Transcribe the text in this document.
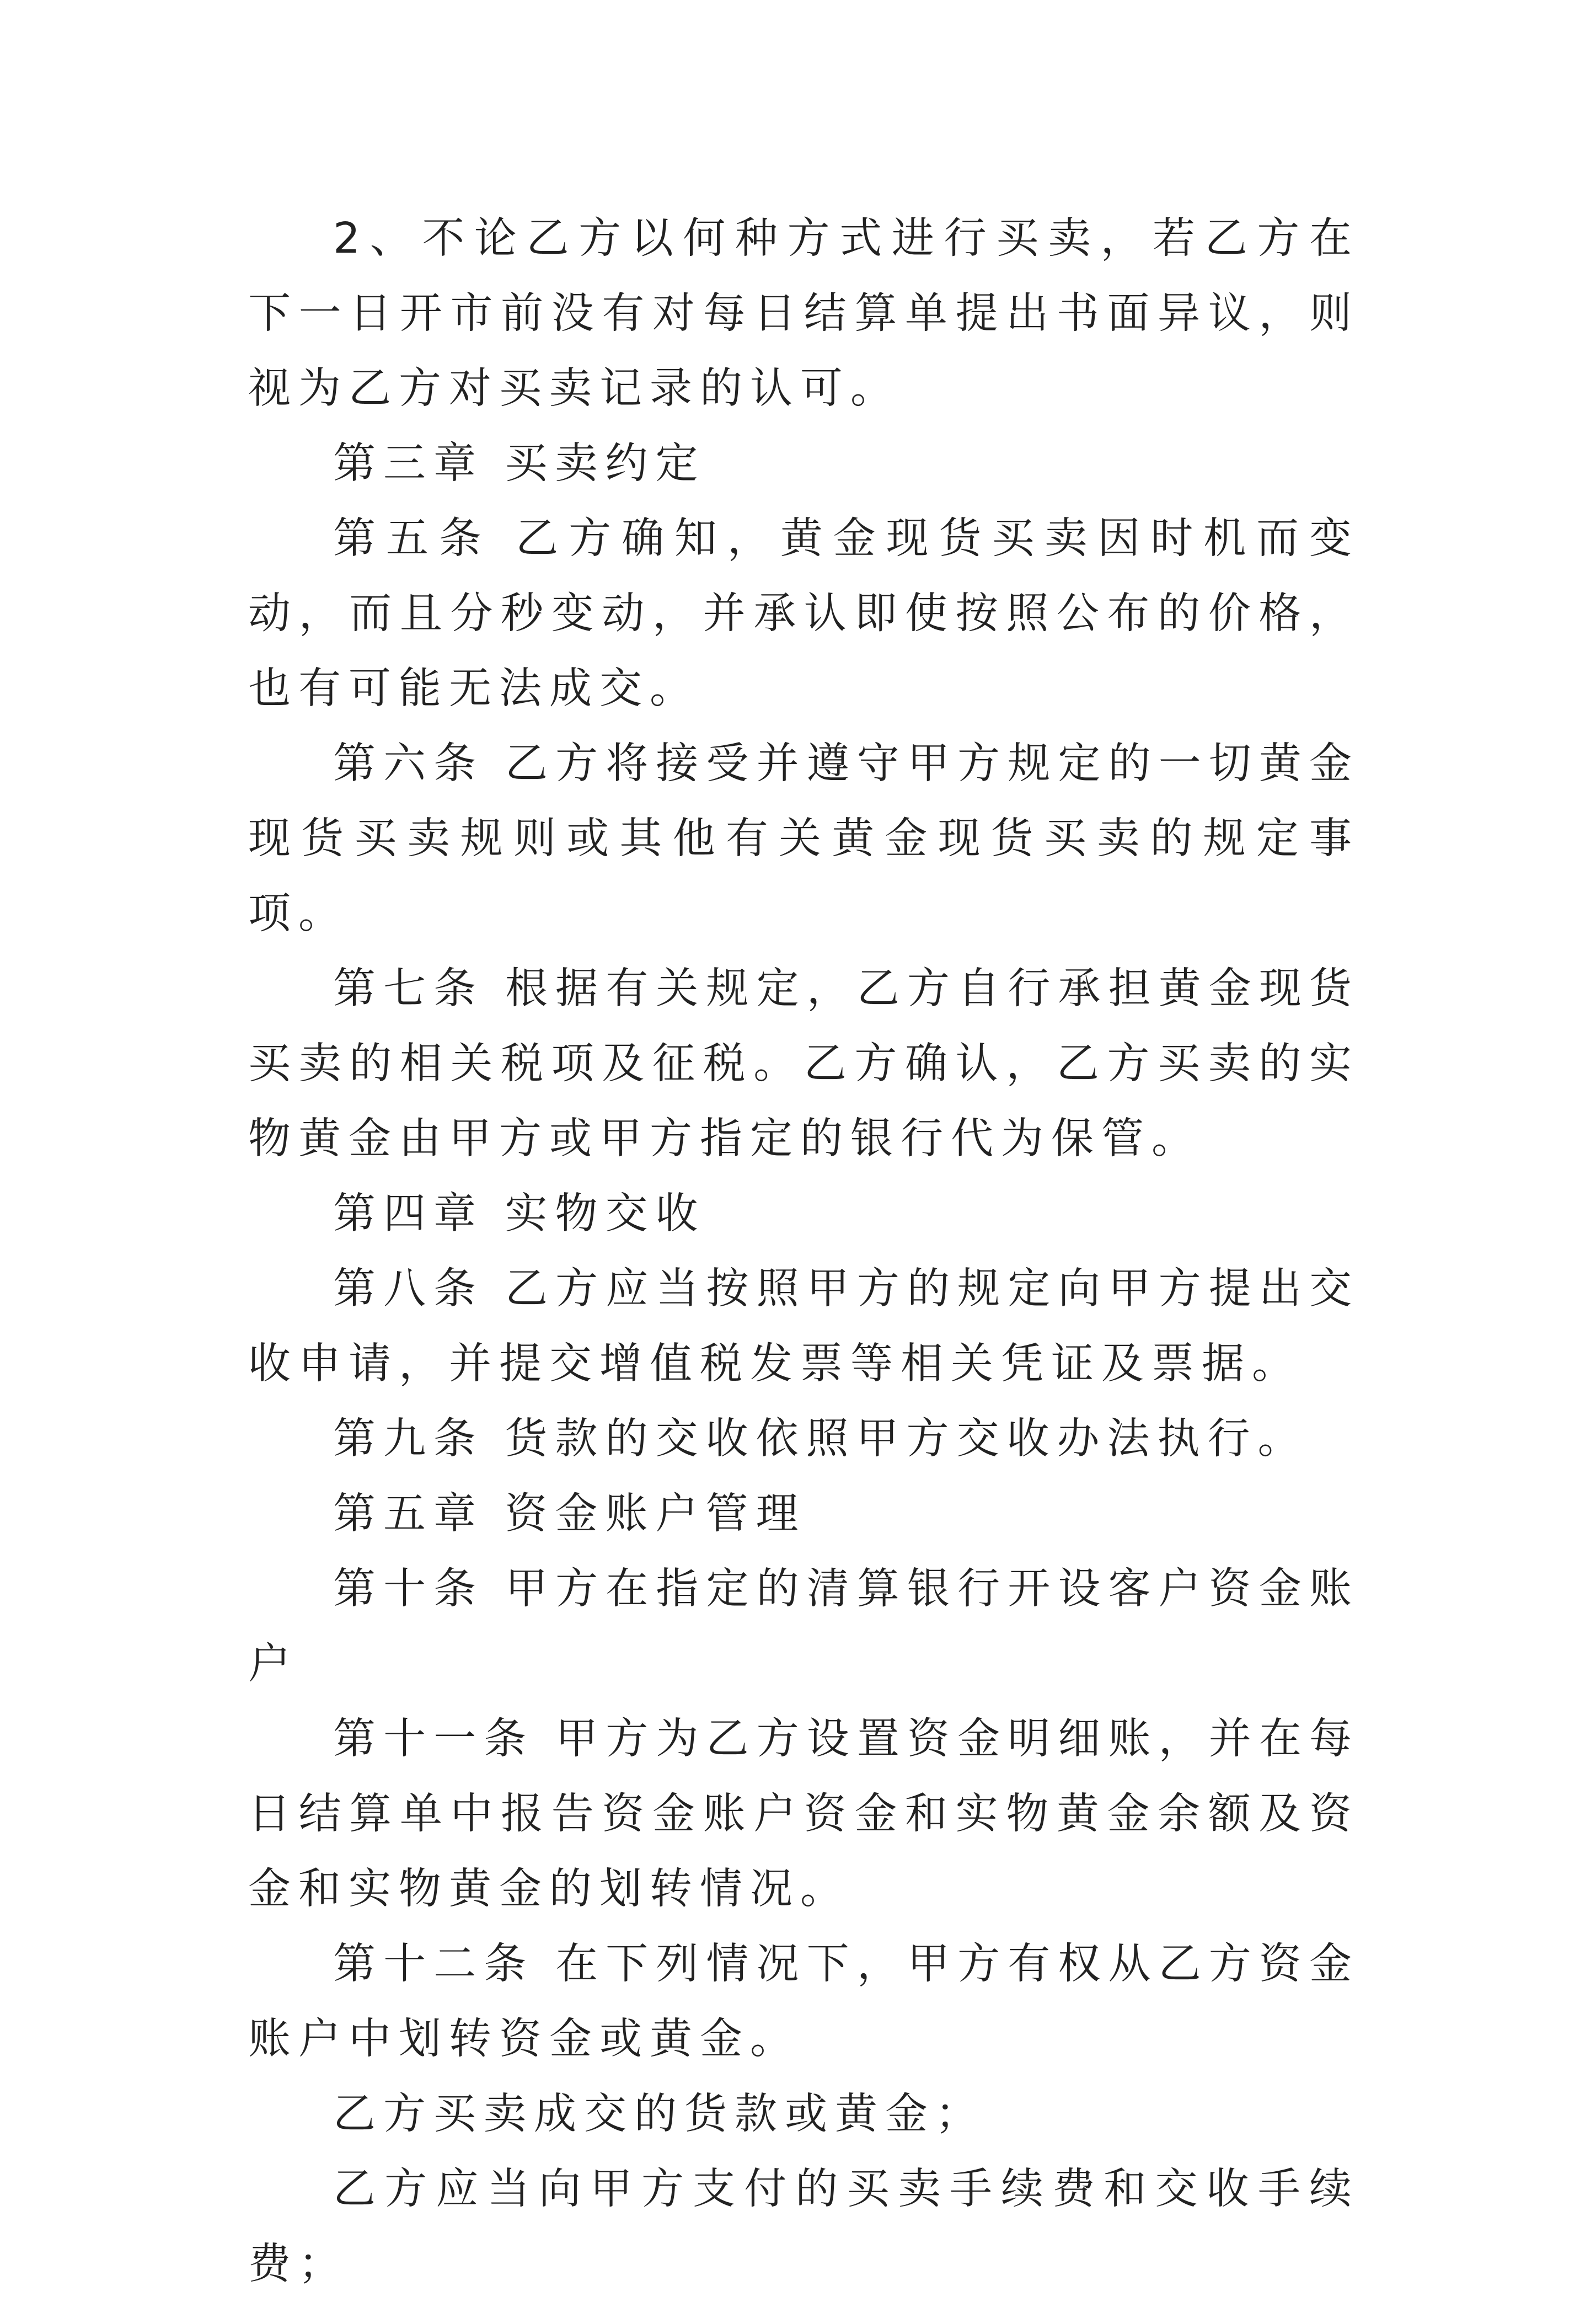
2、不论乙方以何种方式进行买卖，若乙方在下一日开市前没有对每日结算单提出书面异议，则视为乙方对买卖记录的认可。

第三章 买卖约定

第五条 乙方确知，黄金现货买卖因时机而变动，而且分秒变动，并承认即使按照公布的价格，也有可能无法成交。

第六条 乙方将接受并遵守甲方规定的一切黄金现货买卖规则或其他有关黄金现货买卖的规定事项。

第七条 根据有关规定，乙方自行承担黄金现货买卖的相关税项及征税。乙方确认，乙方买卖的实物黄金由甲方或甲方指定的银行代为保管。

第四章 实物交收

第八条 乙方应当按照甲方的规定向甲方提出交收申请，并提交增值税发票等相关凭证及票据。

第九条 货款的交收依照甲方交收办法执行。

第五章 资金账户管理

第十条 甲方在指定的清算银行开设客户资金账户

第十一条 甲方为乙方设置资金明细账，并在每日结算单中报告资金账户资金和实物黄金余额及资金和实物黄金的划转情况。

第十二条 在下列情况下，甲方有权从乙方资金账户中划转资金或黄金。

乙方买卖成交的货款或黄金；

乙方应当向甲方支付的买卖手续费和交收手续费；
